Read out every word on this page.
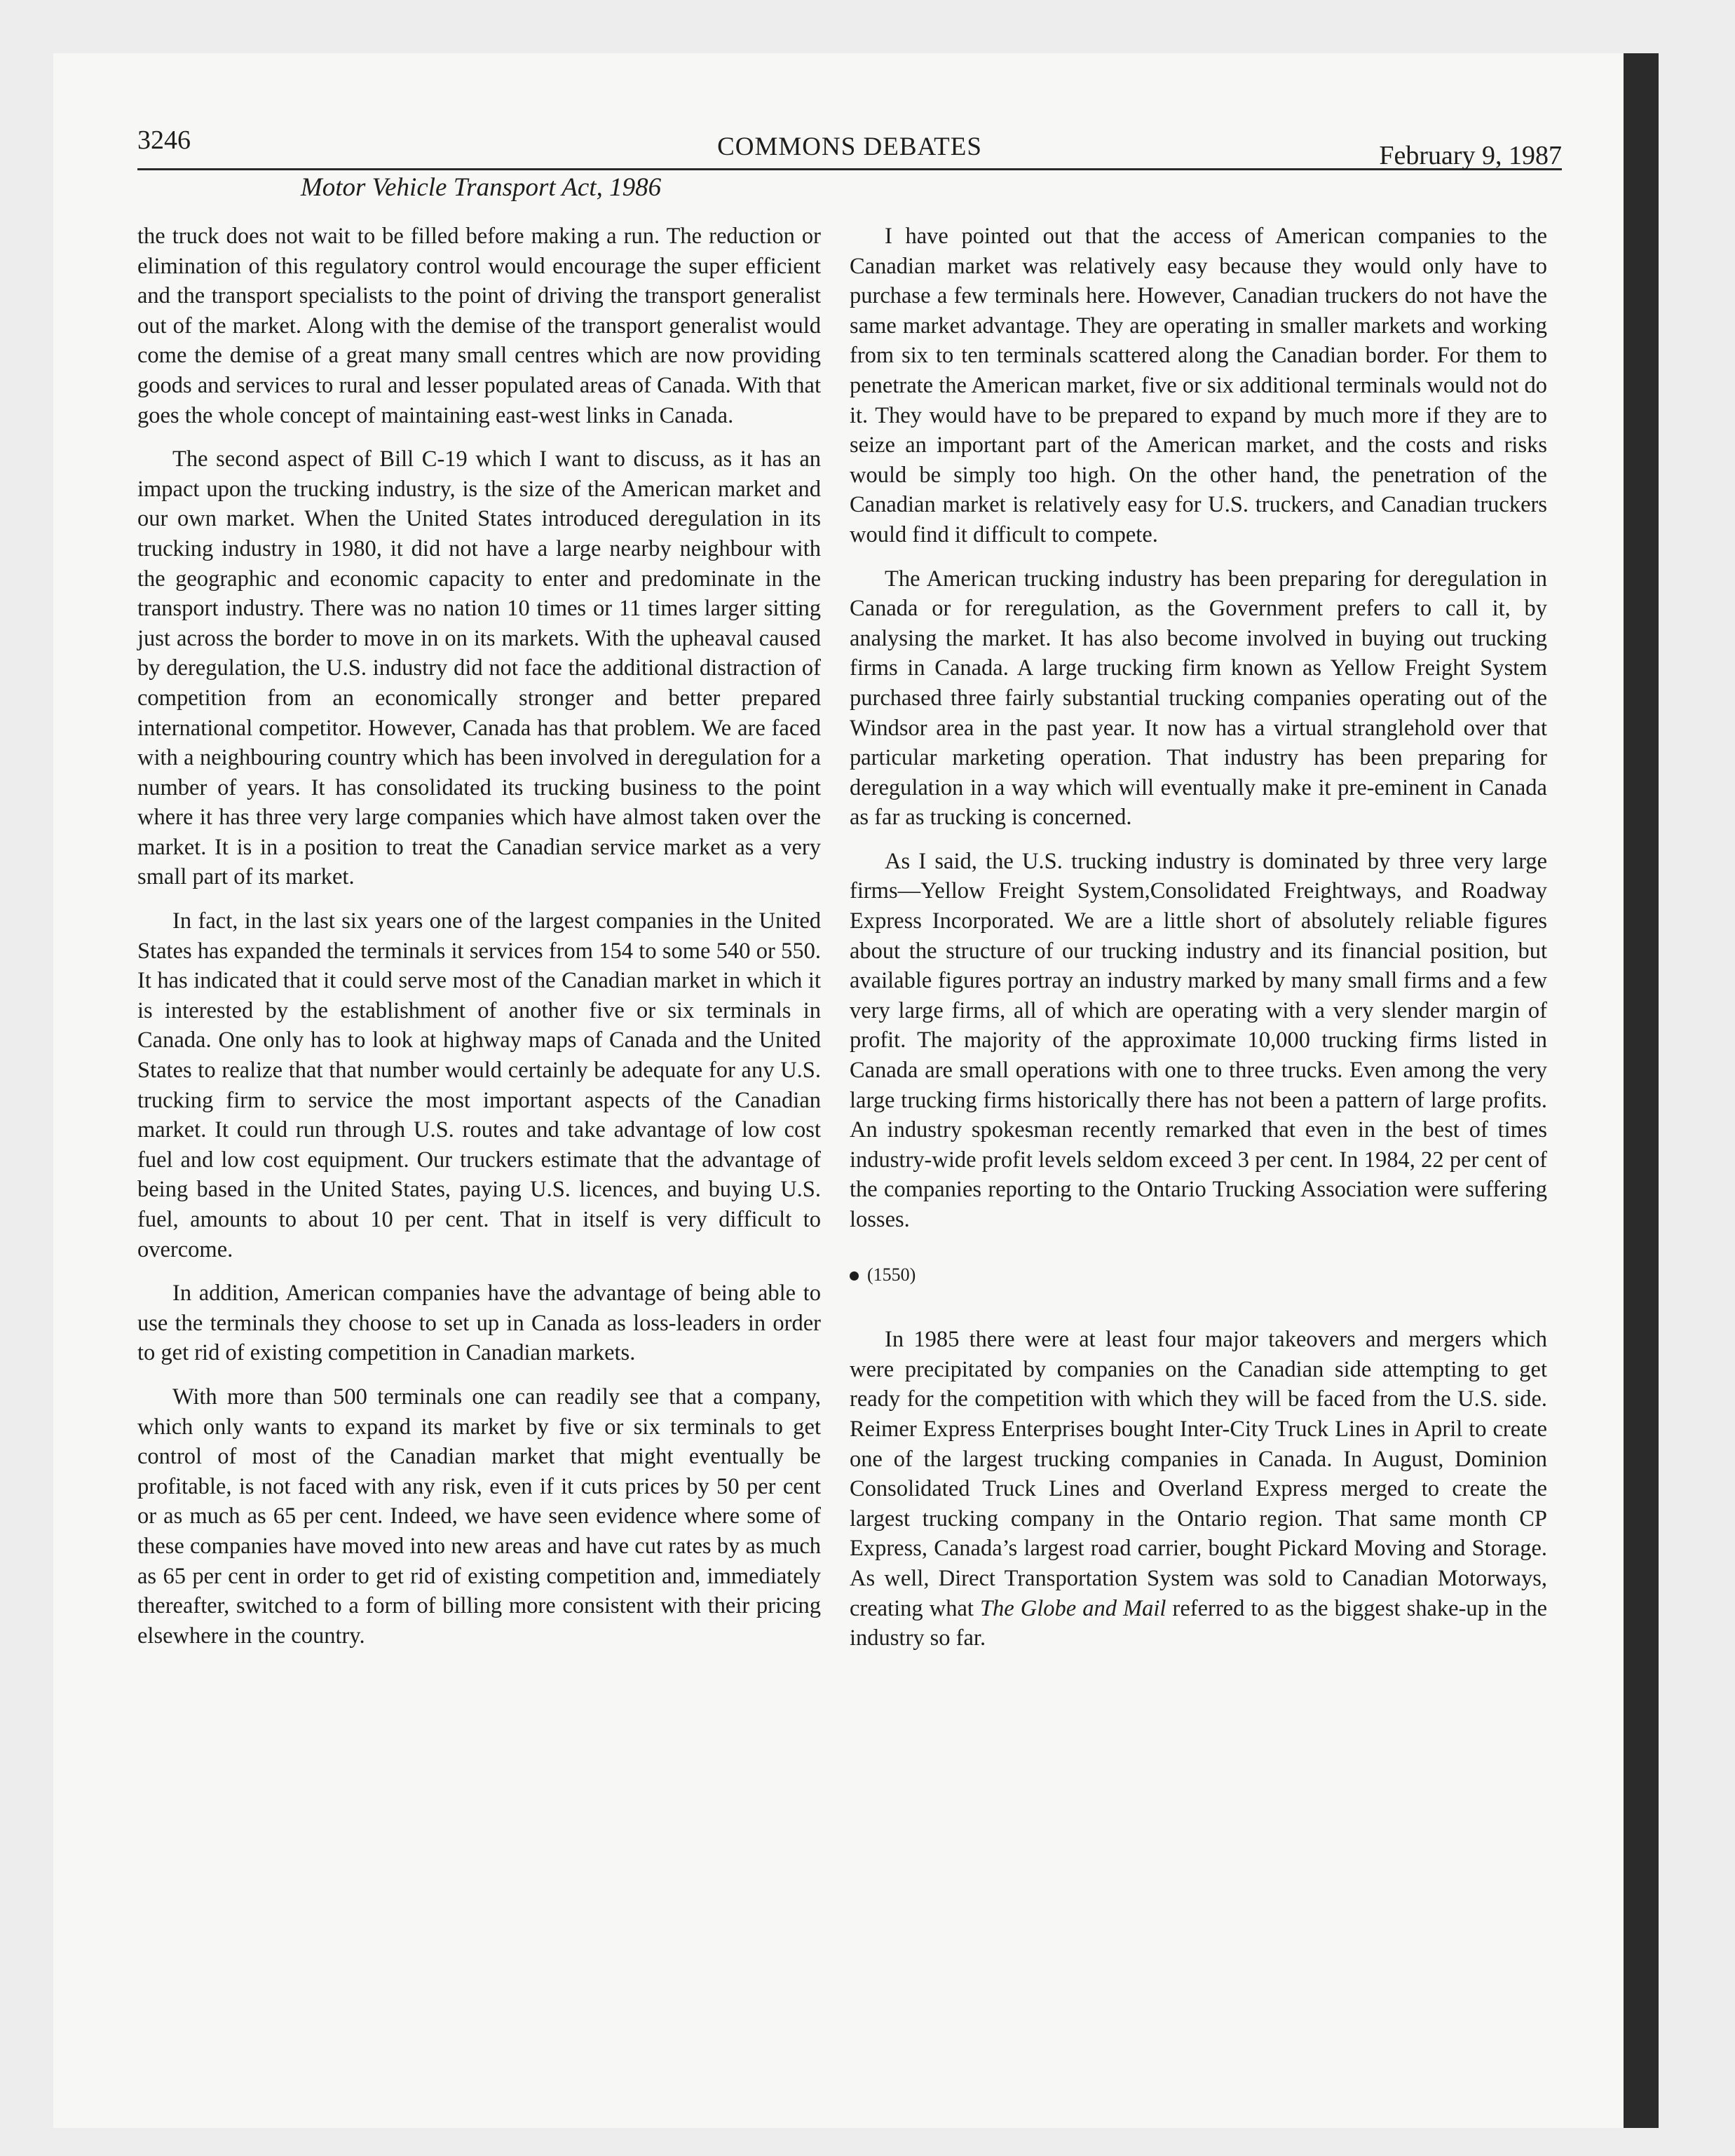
3246	COMMONS DEBATES	February 9, 1987
Motor Vehicle Transport Act, 1986

the truck does not wait to be filled before making a run. The reduction or elimination of this regulatory control would encourage the super efficient and the transport specialists to the point of driving the transport generalist out of the market. Along with the demise of the transport generalist would come the demise of a great many small centres which are now providing goods and services to rural and lesser populated areas of Canada. With that goes the whole concept of maintaining east-west links in Canada.

The second aspect of Bill C-19 which I want to discuss, as it has an impact upon the trucking industry, is the size of the American market and our own market. When the United States introduced deregulation in its trucking industry in 1980, it did not have a large nearby neighbour with the geographic and economic capacity to enter and predominate in the transport industry. There was no nation 10 times or 11 times larger sitting just across the border to move in on its markets. With the upheaval caused by deregulation, the U.S. industry did not face the additional distraction of competition from an economically stronger and better prepared international competitor. However, Canada has that problem. We are faced with a neighbouring country which has been involved in deregulation for a number of years. It has consolidated its trucking business to the point where it has three very large companies which have almost taken over the market. It is in a position to treat the Canadian service market as a very small part of its market.

In fact, in the last six years one of the largest companies in the United States has expanded the terminals it services from 154 to some 540 or 550. It has indicated that it could serve most of the Canadian market in which it is interested by the establishment of another five or six terminals in Canada. One only has to look at highway maps of Canada and the United States to realize that that number would certainly be adequate for any U.S. trucking firm to service the most important aspects of the Canadian market. It could run through U.S. routes and take advantage of low cost fuel and low cost equipment. Our truckers estimate that the advantage of being based in the United States, paying U.S. licences, and buying U.S. fuel, amounts to about 10 per cent. That in itself is very difficult to overcome.

In addition, American companies have the advantage of being able to use the terminals they choose to set up in Canada as loss-leaders in order to get rid of existing competition in Canadian markets.

With more than 500 terminals one can readily see that a company, which only wants to expand its market by five or six terminals to get control of most of the Canadian market that might eventually be profitable, is not faced with any risk, even if it cuts prices by 50 per cent or as much as 65 per cent. Indeed, we have seen evidence where some of these companies have moved into new areas and have cut rates by as much as 65 per cent in order to get rid of existing competition and, immediately thereafter, switched to a form of billing more consistent with their pricing elsewhere in the country.

I have pointed out that the access of American companies to the Canadian market was relatively easy because they would only have to purchase a few terminals here. However, Canadian truckers do not have the same market advantage. They are operating in smaller markets and working from six to ten terminals scattered along the Canadian border. For them to penetrate the American market, five or six additional terminals would not do it. They would have to be prepared to expand by much more if they are to seize an important part of the American market, and the costs and risks would be simply too high. On the other hand, the penetration of the Canadian market is relatively easy for U.S. truckers, and Canadian truckers would find it difficult to compete.

The American trucking industry has been preparing for deregulation in Canada or for reregulation, as the Government prefers to call it, by analysing the market. It has also become involved in buying out trucking firms in Canada. A large trucking firm known as Yellow Freight System purchased three fairly substantial trucking companies operating out of the Windsor area in the past year. It now has a virtual stranglehold over that particular marketing operation. That industry has been preparing for deregulation in a way which will eventually make it pre-eminent in Canada as far as trucking is concerned.

As I said, the U.S. trucking industry is dominated by three very large firms—Yellow Freight System,Consolidated Freightways, and Roadway Express Incorporated. We are a little short of absolutely reliable figures about the structure of our trucking industry and its financial position, but available figures portray an industry marked by many small firms and a few very large firms, all of which are operating with a very slender margin of profit. The majority of the approximate 10,000 trucking firms listed in Canada are small operations with one to three trucks. Even among the very large trucking firms historically there has not been a pattern of large profits. An industry spokesman recently remarked that even in the best of times industry-wide profit levels seldom exceed 3 per cent. In 1984, 22 per cent of the companies reporting to the Ontario Trucking Association were suffering losses.

(1550)

In 1985 there were at least four major takeovers and mergers which were precipitated by companies on the Canadian side attempting to get ready for the competition with which they will be faced from the U.S. side. Reimer Express Enterprises bought Inter-City Truck Lines in April to create one of the largest trucking companies in Canada. In August, Dominion Consolidated Truck Lines and Overland Express merged to create the largest trucking company in the Ontario region. That same month CP Express, Canada’s largest road carrier, bought Pickard Moving and Storage. As well, Direct Transportation System was sold to Canadian Motorways, creating what The Globe and Mail referred to as the biggest shake-up in the industry so far.
